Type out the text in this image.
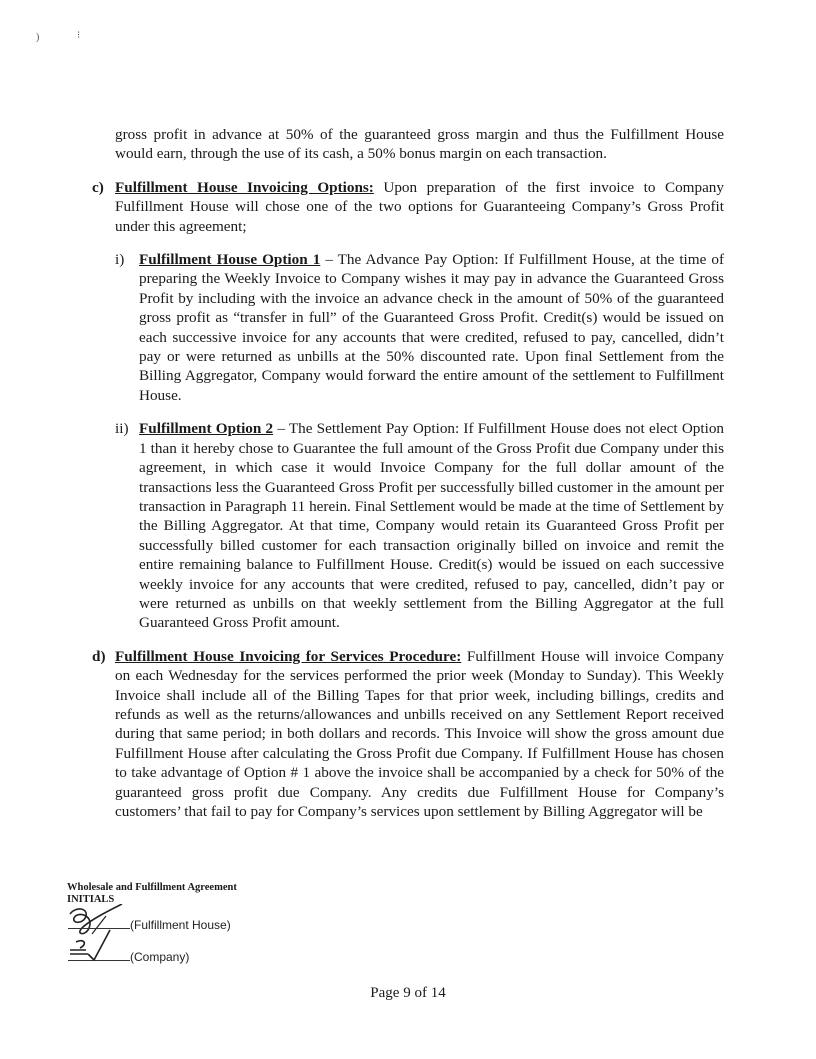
)	⁝

gross profit in advance at 50% of the guaranteed gross margin and thus the Fulfillment House would earn, through the use of its cash, a 50% bonus margin on each transaction.

c) Fulfillment House Invoicing Options: Upon preparation of the first invoice to Company Fulfillment House will chose one of the two options for Guaranteeing Company’s Gross Profit under this agreement;
i) Fulfillment House Option 1 – The Advance Pay Option: If Fulfillment House, at the time of preparing the Weekly Invoice to Company wishes it may pay in advance the Guaranteed Gross Profit by including with the invoice an advance check in the amount of 50% of the guaranteed gross profit as “transfer in full” of the Guaranteed Gross Profit. Credit(s) would be issued on each successive invoice for any accounts that were credited, refused to pay, cancelled, didn’t pay or were returned as unbills at the 50% discounted rate. Upon final Settlement from the Billing Aggregator, Company would forward the entire amount of the settlement to Fulfillment House.
ii) Fulfillment Option 2 – The Settlement Pay Option: If Fulfillment House does not elect Option 1 than it hereby chose to Guarantee the full amount of the Gross Profit due Company under this agreement, in which case it would Invoice Company for the full dollar amount of the transactions less the Guaranteed Gross Profit per successfully billed customer in the amount per transaction in Paragraph 11 herein. Final Settlement would be made at the time of Settlement by the Billing Aggregator. At that time, Company would retain its Guaranteed Gross Profit per successfully billed customer for each transaction originally billed on invoice and remit the entire remaining balance to Fulfillment House. Credit(s) would be issued on each successive weekly invoice for any accounts that were credited, refused to pay, cancelled, didn’t pay or were returned as unbills on that weekly settlement from the Billing Aggregator at the full Guaranteed Gross Profit amount.
d) Fulfillment House Invoicing for Services Procedure: Fulfillment House will invoice Company on each Wednesday for the services performed the prior week (Monday to Sunday). This Weekly Invoice shall include all of the Billing Tapes for that prior week, including billings, credits and refunds as well as the returns/allowances and unbills received on any Settlement Report received during that same period; in both dollars and records. This Invoice will show the gross amount due Fulfillment House after calculating the Gross Profit due Company. If Fulfillment House has chosen to take advantage of Option # 1 above the invoice shall be accompanied by a check for 50% of the guaranteed gross profit due Company. Any credits due Fulfillment House for Company’s customers’ that fail to pay for Company’s services upon settlement by Billing Aggregator will be
Wholesale and Fulfillment Agreement
INITIALS
(Fulfillment House)
(Company)
Page 9 of 14
